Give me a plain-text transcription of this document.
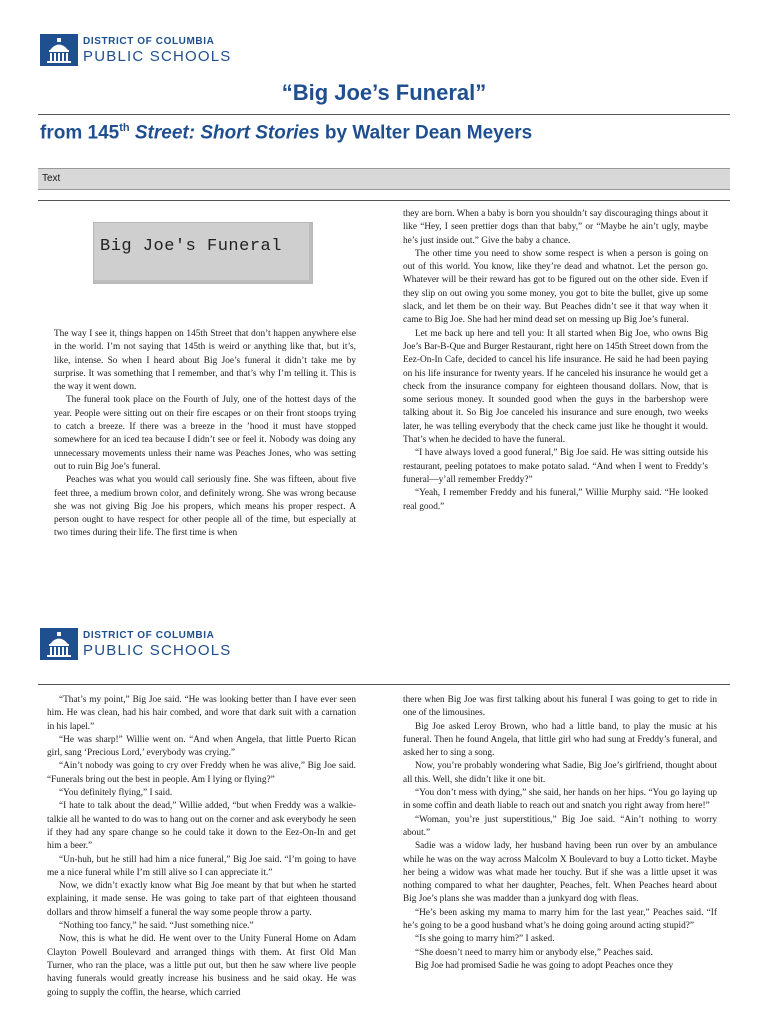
DISTRICT OF COLUMBIA
PUBLIC SCHOOLS
“Big Joe’s Funeral”
from 145th Street: Short Stories by Walter Dean Meyers
Text
Big Joe's Funeral

The way I see it, things happen on 145th Street that don’t happen anywhere else in the world. I’m not saying that 145th is weird or anything like that, but it’s, like, intense. So when I heard about Big Joe’s funeral it didn’t take me by surprise. It was something that I remember, and that’s why I’m telling it. This is the way it went down.

The funeral took place on the Fourth of July, one of the hottest days of the year. People were sitting out on their fire escapes or on their front stoops trying to catch a breeze. If there was a breeze in the ’hood it must have stopped somewhere for an iced tea because I didn’t see or feel it. Nobody was doing any unnecessary movements unless their name was Peaches Jones, who was setting out to ruin Big Joe’s funeral.

Peaches was what you would call seriously fine. She was fifteen, about five feet three, a medium brown color, and definitely wrong. She was wrong because she was not giving Big Joe his propers, which means his proper respect. A person ought to have respect for other people all of the time, but especially at two times during their life. The first time is when

they are born. When a baby is born you shouldn’t say discouraging things about it like “Hey, I seen prettier dogs than that baby,” or “Maybe he ain’t ugly, maybe he’s just inside out.” Give the baby a chance.

The other time you need to show some respect is when a person is going on out of this world. You know, like they’re dead and whatnot. Let the person go. Whatever will be their reward has got to be figured out on the other side. Even if they slip on out owing you some money, you got to bite the bullet, give up some slack, and let them be on their way. But Peaches didn’t see it that way when it came to Big Joe. She had her mind dead set on messing up Big Joe’s funeral.

Let me back up here and tell you: It all started when Big Joe, who owns Big Joe’s Bar-B-Que and Burger Restaurant, right here on 145th Street down from the Eez-On-In Cafe, decided to cancel his life insurance. He said he had been paying on his life insurance for twenty years. If he canceled his insurance he would get a check from the insurance company for eighteen thousand dollars. Now, that is some serious money. It sounded good when the guys in the barbershop were talking about it. So Big Joe canceled his insurance and sure enough, two weeks later, he was telling everybody that the check came just like he thought it would. That’s when he decided to have the funeral.

“I have always loved a good funeral,” Big Joe said. He was sitting outside his restaurant, peeling potatoes to make potato salad. “And when I went to Freddy’s funeral—y’all remember Freddy?”

“Yeah, I remember Freddy and his funeral,” Willie Murphy said. “He looked real good.”

DISTRICT OF COLUMBIA
PUBLIC SCHOOLS

“That’s my point,” Big Joe said. “He was looking better than I have ever seen him. He was clean, had his hair combed, and wore that dark suit with a carnation in his lapel.”

“He was sharp!” Willie went on. “And when Angela, that little Puerto Rican girl, sang ‘Precious Lord,’ everybody was crying.”

“Ain’t nobody was going to cry over Freddy when he was alive,” Big Joe said. “Funerals bring out the best in people. Am I lying or flying?”

“You definitely flying,” I said.

“I hate to talk about the dead,” Willie added, “but when Freddy was a walkie-talkie all he wanted to do was to hang out on the corner and ask everybody he seen if they had any spare change so he could take it down to the Eez-On-In and get him a beer.”

“Un-huh, but he still had him a nice funeral,” Big Joe said. “I’m going to have me a nice funeral while I’m still alive so I can appreciate it.”

Now, we didn’t exactly know what Big Joe meant by that but when he started explaining, it made sense. He was going to take part of that eighteen thousand dollars and throw himself a funeral the way some people throw a party.

“Nothing too fancy,” he said. “Just something nice.”

Now, this is what he did. He went over to the Unity Funeral Home on Adam Clayton Powell Boulevard and arranged things with them. At first Old Man Turner, who ran the place, was a little put out, but then he saw where live people having funerals would greatly increase his business and he said okay. He was going to supply the coffin, the hearse, which carried

there when Big Joe was first talking about his funeral I was going to get to ride in one of the limousines.

Big Joe asked Leroy Brown, who had a little band, to play the music at his funeral. Then he found Angela, that little girl who had sung at Freddy’s funeral, and asked her to sing a song.

Now, you’re probably wondering what Sadie, Big Joe’s girlfriend, thought about all this. Well, she didn’t like it one bit.

“You don’t mess with dying,” she said, her hands on her hips. “You go laying up in some coffin and death liable to reach out and snatch you right away from here!”

“Woman, you’re just superstitious,” Big Joe said. “Ain’t nothing to worry about.”

Sadie was a widow lady, her husband having been run over by an ambulance while he was on the way across Malcolm X Boulevard to buy a Lotto ticket. Maybe her being a widow was what made her touchy. But if she was a little upset it was nothing compared to what her daughter, Peaches, felt. When Peaches heard about Big Joe’s plans she was madder than a junkyard dog with fleas.

“He’s been asking my mama to marry him for the last year,” Peaches said. “If he’s going to be a good husband what’s he doing going around acting stupid?”

“Is she going to marry him?” I asked.

“She doesn’t need to marry him or anybody else,” Peaches said.

Big Joe had promised Sadie he was going to adopt Peaches once they
